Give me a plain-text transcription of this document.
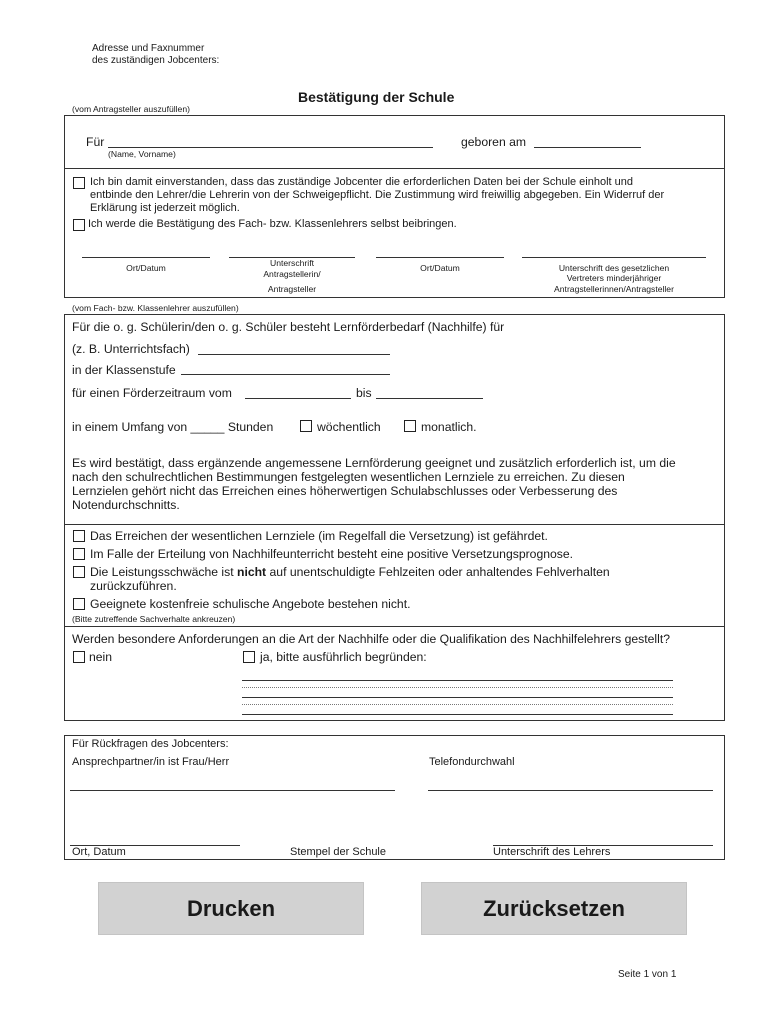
Adresse und Faxnummer
des zuständigen Jobcenters:
Bestätigung der Schule
(vom Antragsteller auszufüllen)
Für
(Name, Vorname)
geboren am
Ich bin damit einverstanden, dass das zuständige Jobcenter die erforderlichen Daten bei der Schule einholt und
entbinde den Lehrer/die Lehrerin von der Schweigepflicht. Die Zustimmung wird freiwillig abgegeben. Ein Widerruf der
Erklärung ist jederzeit möglich.
Ich werde die Bestätigung des Fach- bzw. Klassenlehrers selbst beibringen.
Ort/Datum	Unterschrift
Antragstellerin/
Antragsteller
Ort/Datum	Unterschrift des gesetzlichen
Vertreters minderjähriger
Antragstellerinnen/Antragsteller
(vom Fach- bzw. Klassenlehrer auszufüllen)
Für die o. g. Schülerin/den o. g. Schüler besteht Lernförderbedarf (Nachhilfe) für
(z. B. Unterrichtsfach)
in der Klassenstufe
für einen Förderzeitraum vom	bis
in einem Umfang von _____ Stunden	wöchentlich	monatlich.
Es wird bestätigt, dass ergänzende angemessene Lernförderung geeignet und zusätzlich erforderlich ist, um die
nach den schulrechtlichen Bestimmungen festgelegten wesentlichen Lernziele zu erreichen. Zu diesen
Lernzielen gehört nicht das Erreichen eines höherwertigen Schulabschlusses oder Verbesserung des
Notendurchschnitts.
Das Erreichen der wesentlichen Lernziele (im Regelfall die Versetzung) ist gefährdet.
Im Falle der Erteilung von Nachhilfeunterricht besteht eine positive Versetzungsprognose.
Die Leistungsschwäche ist nicht auf unentschuldigte Fehlzeiten oder anhaltendes Fehlverhalten
zurückzuführen.
Geeignete kostenfreie schulische Angebote bestehen nicht.
(Bitte zutreffende Sachverhalte ankreuzen)
Werden besondere Anforderungen an die Art der Nachhilfe oder die Qualifikation des Nachhilfelehrers gestellt?
nein	ja, bitte ausführlich begründen:
Für Rückfragen des Jobcenters:
Ansprechpartner/in ist Frau/Herr	Telefondurchwahl
Ort, Datum	Stempel der Schule	Unterschrift des Lehrers
Drucken	Zurücksetzen
Seite 1 von 1
